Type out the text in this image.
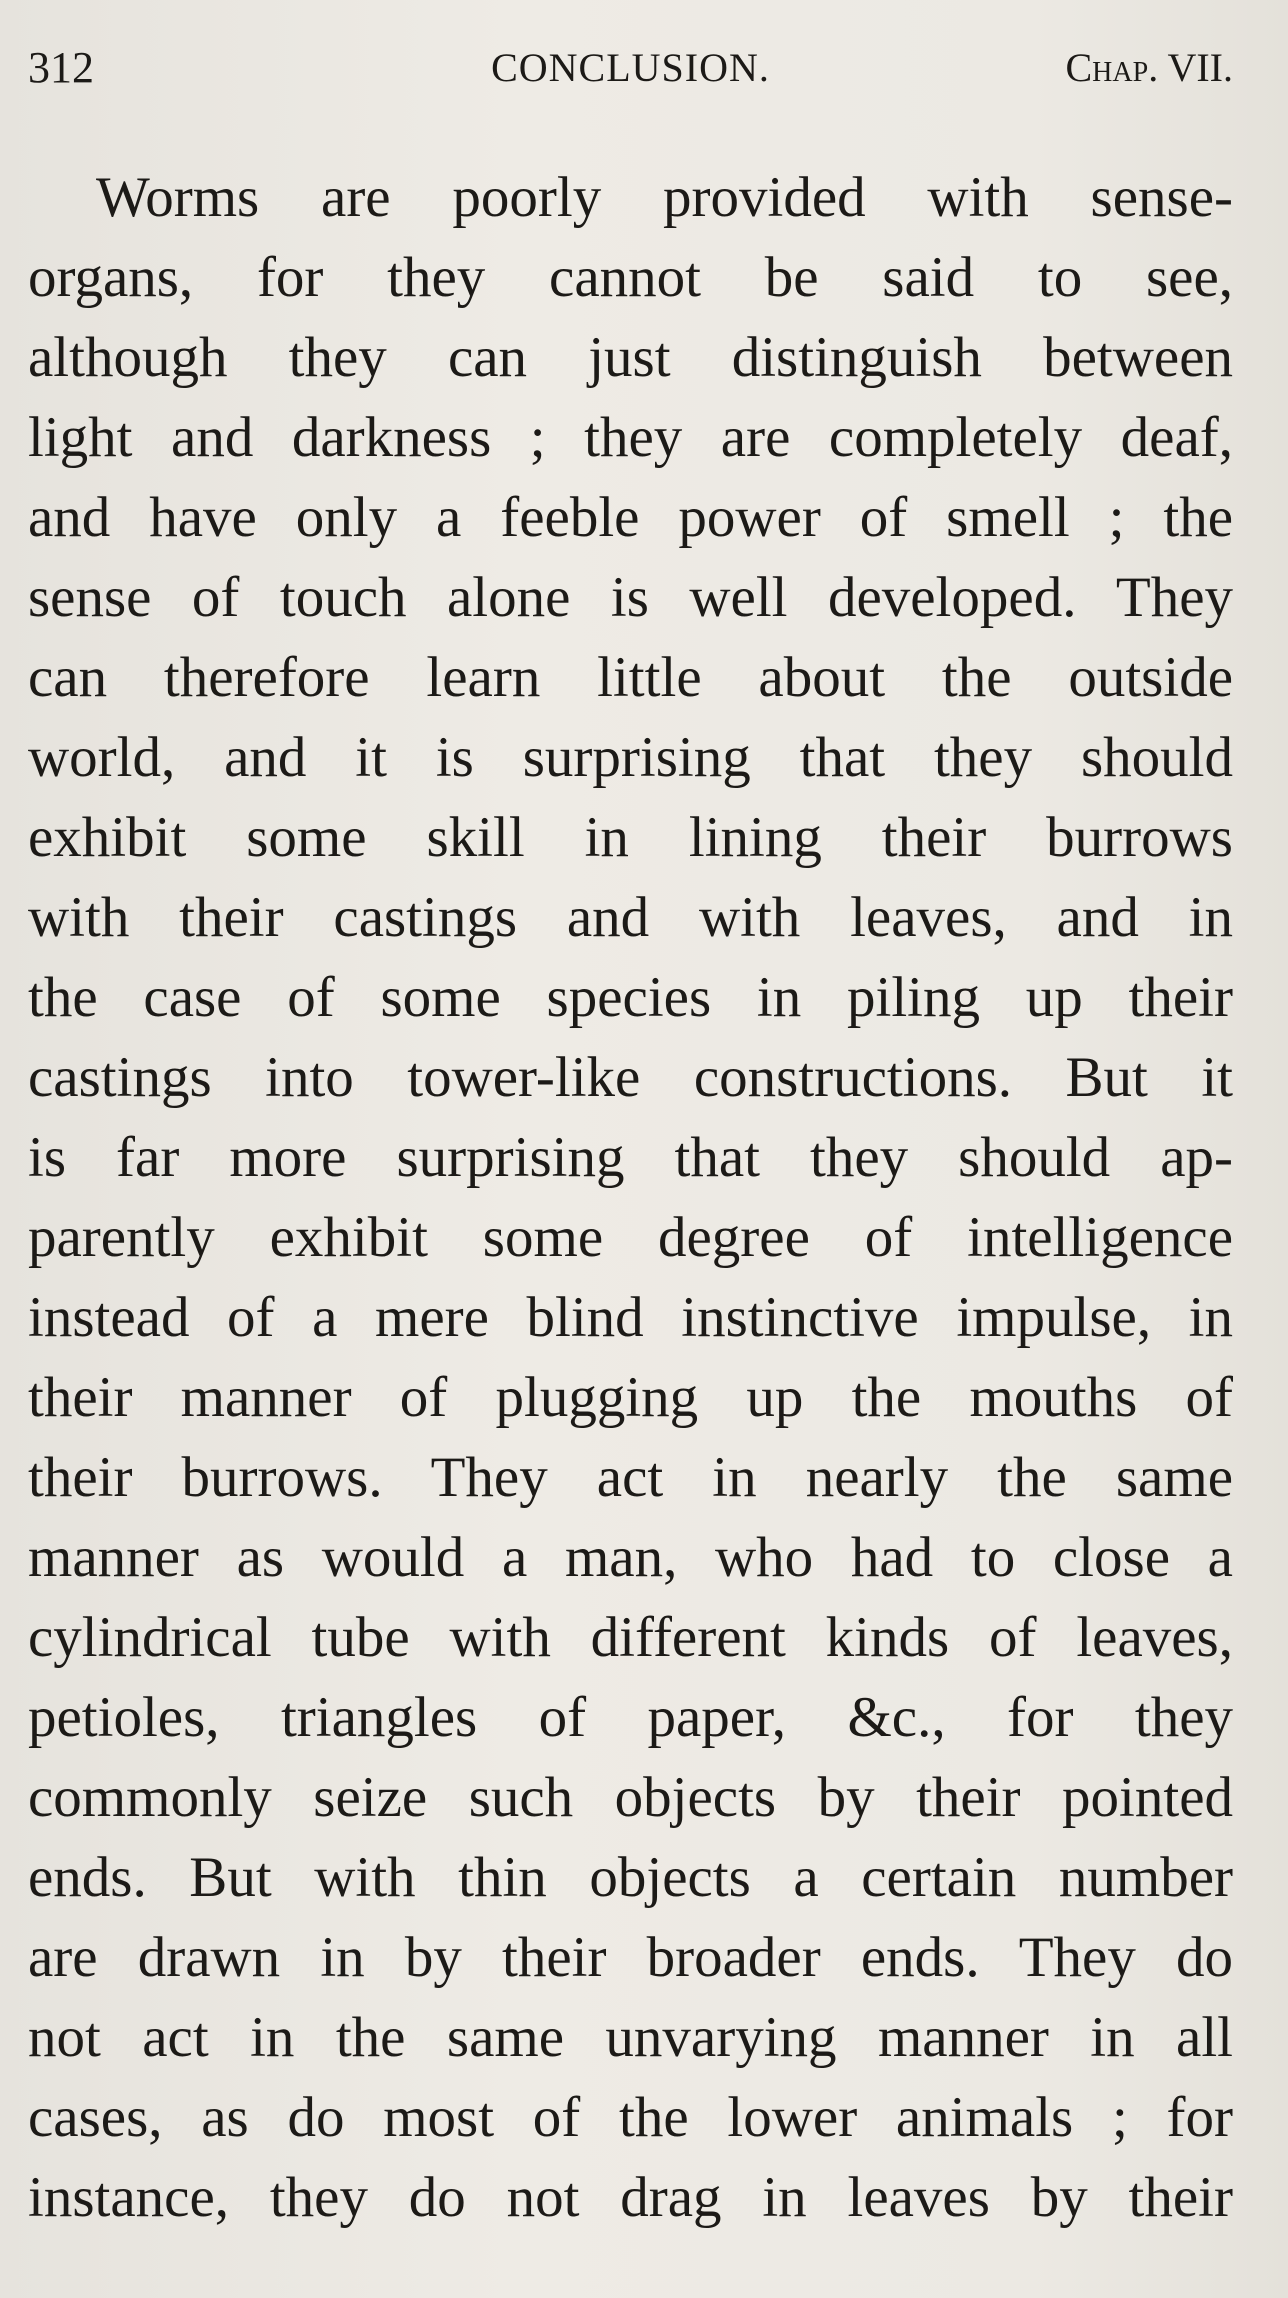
312	CONCLUSION.	Chap. VII.
Worms are poorly provided with sense-
organs, for they cannot be said to see,
although they can just distinguish between
light and darkness ; they are completely deaf,
and have only a feeble power of smell ; the
sense of touch alone is well developed. They
can therefore learn little about the outside
world, and it is surprising that they should
exhibit some skill in lining their burrows
with their castings and with leaves, and in
the case of some species in piling up their
castings into tower-like constructions. But it
is far more surprising that they should ap-
parently exhibit some degree of intelligence
instead of a mere blind instinctive impulse, in
their manner of plugging up the mouths of
their burrows. They act in nearly the same
manner as would a man, who had to close a
cylindrical tube with different kinds of leaves,
petioles, triangles of paper, &c., for they
commonly seize such objects by their pointed
ends. But with thin objects a certain number
are drawn in by their broader ends. They do
not act in the same unvarying manner in all
cases, as do most of the lower animals ; for
instance, they do not drag in leaves by their
